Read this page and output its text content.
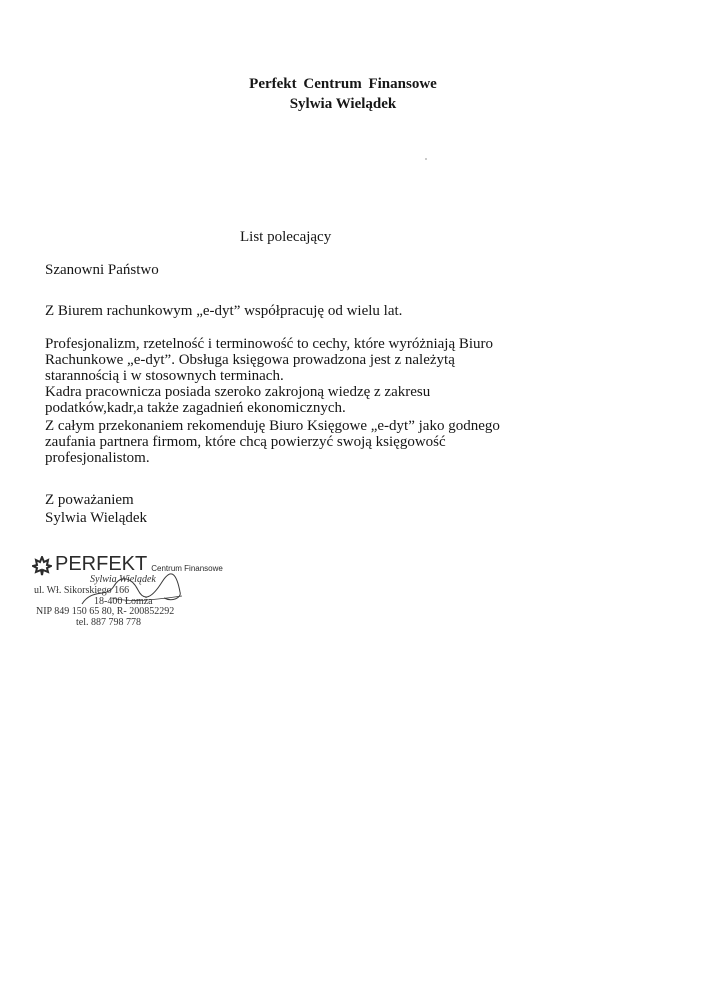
Perfekt Centrum Finansowe
Sylwia Wielądek
List polecający
Szanowni Państwo
Z Biurem rachunkowym „e-dyt” współpracuję od wielu lat.
Profesjonalizm, rzetelność i terminowość to cechy, które wyróżniają Biuro Rachunkowe „e-dyt”. Obsługa księgowa prowadzona jest z należytą starannością i w stosownych terminach.
Kadra pracownicza posiada szeroko zakrojoną wiedzę z zakresu podatków,kadr,a także zagadnień ekonomicznych.
Z całym przekonaniem rekomenduję Biuro Księgowe „e-dyt” jako godnego zaufania partnera firmom, które chcą powierzyć swoją księgowość profesjonalistom.
Z poważaniem
Sylwia Wielądek
PERFEKT Centrum Finansowe
Sylwia Wielądek
ul. Wł. Sikorskiego 166
18-400 Łomża
NIP 849 150 65 80, R- 200852292
tel. 887 798 778
